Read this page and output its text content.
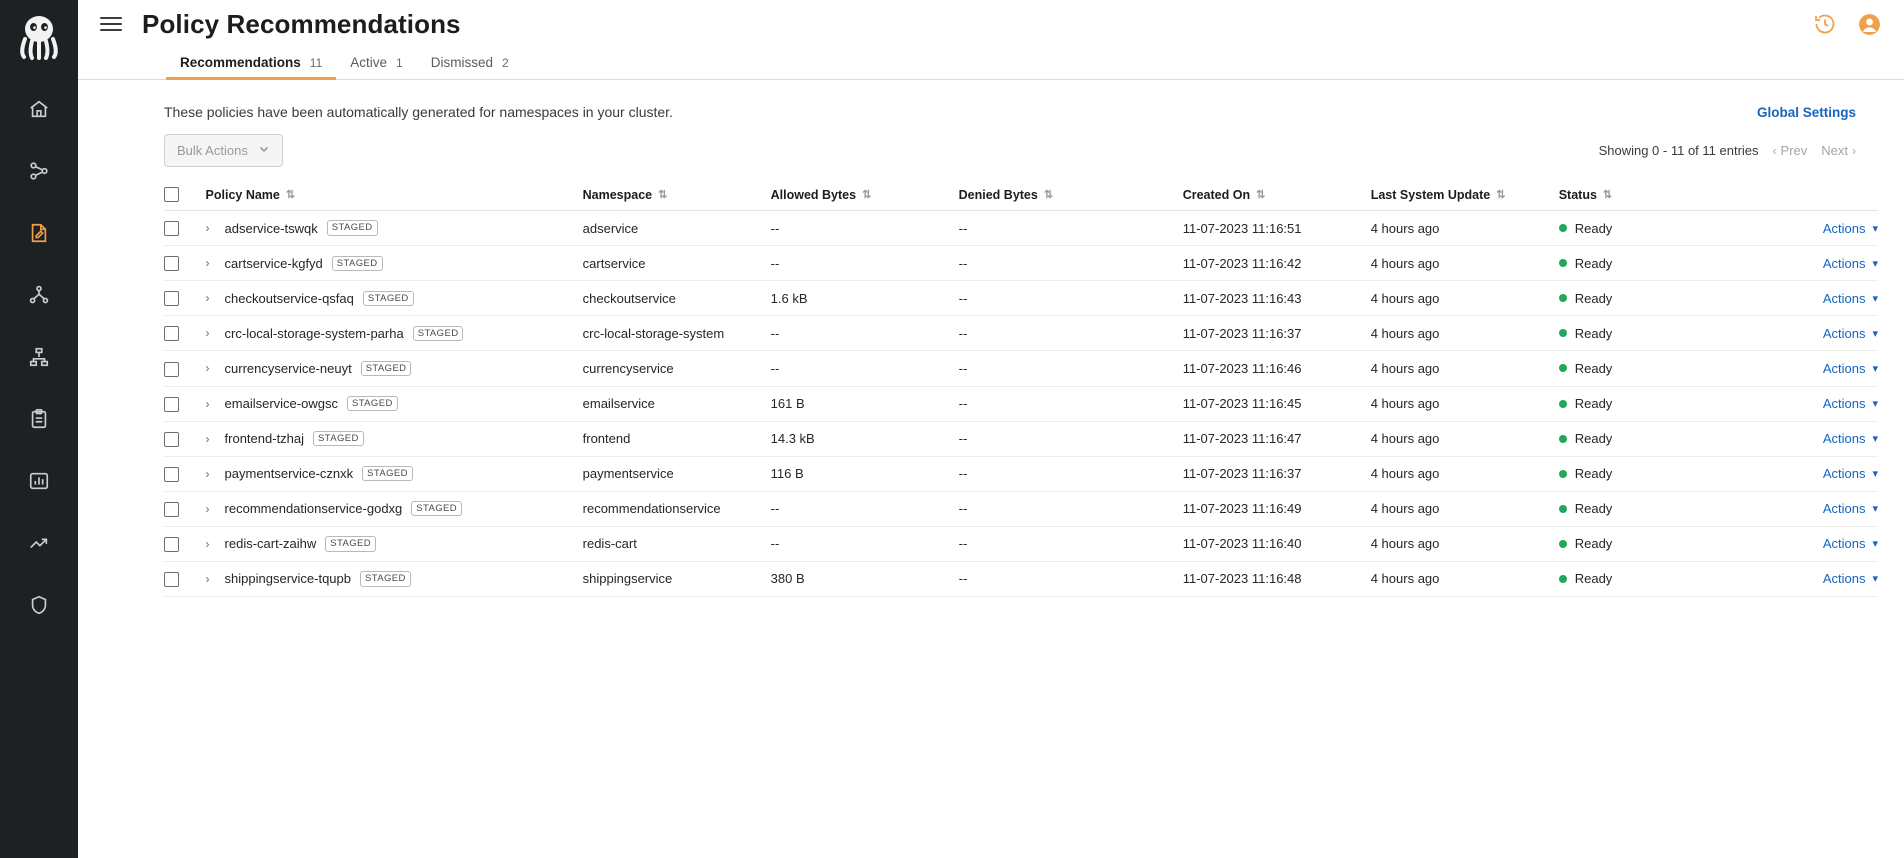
Policy Recommendations
Recommendations 11 Active 1 Dismissed 2
These policies have been automatically generated for namespaces in your cluster.	Global Settings
Bulk Actions	Showing 0 - 11 of 11 entries ‹ Prev Next ›

	Policy Name ⇅	Namespace ⇅	Allowed Bytes ⇅	Denied Bytes ⇅	Created On ⇅	Last System Update ⇅	Status ⇅	

	› adservice-tswqk STAGED	adservice	--	--	11-07-2023 11:16:51	4 hours ago	Ready	Actions ▾

	› cartservice-kgfyd STAGED	cartservice	--	--	11-07-2023 11:16:42	4 hours ago	Ready	Actions ▾

	› checkoutservice-qsfaq STAGED	checkoutservice	1.6 kB	--	11-07-2023 11:16:43	4 hours ago	Ready	Actions ▾

	› crc-local-storage-system-parha STAGED	crc-local-storage-system	--	--	11-07-2023 11:16:37	4 hours ago	Ready	Actions ▾

	› currencyservice-neuyt STAGED	currencyservice	--	--	11-07-2023 11:16:46	4 hours ago	Ready	Actions ▾

	› emailservice-owgsc STAGED	emailservice	161 B	--	11-07-2023 11:16:45	4 hours ago	Ready	Actions ▾

	› frontend-tzhaj STAGED	frontend	14.3 kB	--	11-07-2023 11:16:47	4 hours ago	Ready	Actions ▾

	› paymentservice-cznxk STAGED	paymentservice	116 B	--	11-07-2023 11:16:37	4 hours ago	Ready	Actions ▾

	› recommendationservice-godxg STAGED	recommendationservice	--	--	11-07-2023 11:16:49	4 hours ago	Ready	Actions ▾

	› redis-cart-zaihw STAGED	redis-cart	--	--	11-07-2023 11:16:40	4 hours ago	Ready	Actions ▾

	› shippingservice-tqupb STAGED	shippingservice	380 B	--	11-07-2023 11:16:48	4 hours ago	Ready	Actions ▾
